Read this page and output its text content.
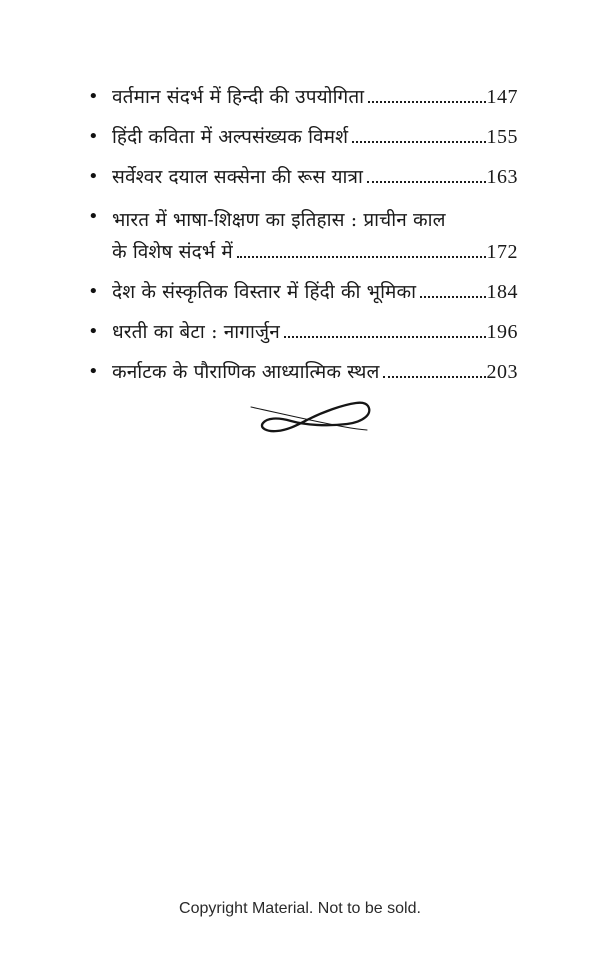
• वर्तमान संदर्भ में हिन्दी की उपयोगिता	147
• हिंदी कविता में अल्पसंख्यक विमर्श	155
• सर्वेश्वर दयाल सक्सेना की रूस यात्रा	163
• भारत में भाषा-शिक्षण का इतिहास : प्राचीन काल
के विशेष संदर्भ में	172
• देश के संस्कृतिक विस्तार में हिंदी की भूमिका	184
• धरती का बेटा : नागार्जुन	196
• कर्नाटक के पौराणिक आध्यात्मिक स्थल	203
Copyright Material. Not to be sold.
